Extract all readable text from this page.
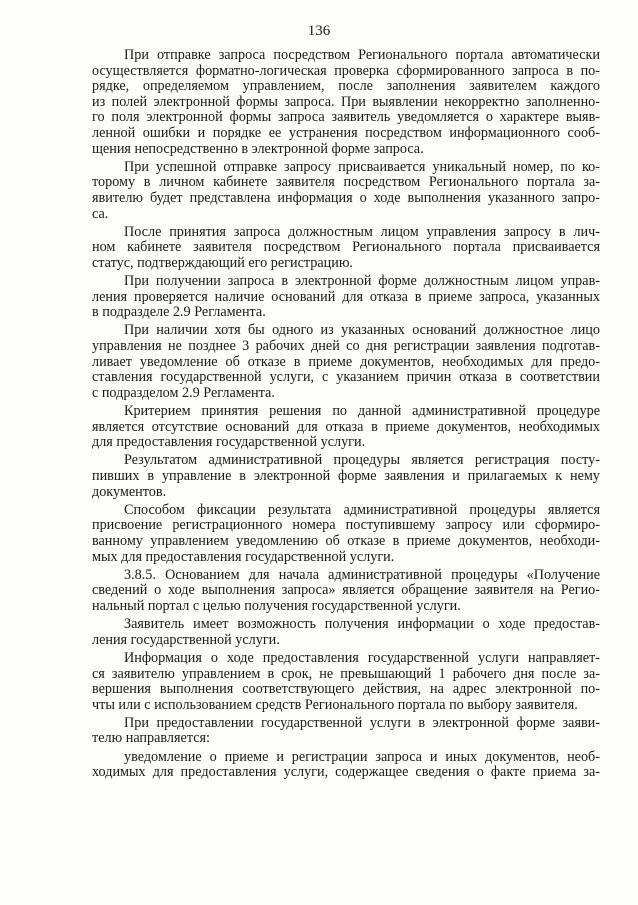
136
При отправке запроса посредством Регионального портала автоматически
осуществляется форматно-логическая проверка сформированного запроса в по-
рядке, определяемом управлением, после заполнения заявителем каждого
из полей электронной формы запроса. При выявлении некорректно заполненно-
го поля электронной формы запроса заявитель уведомляется о характере выяв-
ленной ошибки и порядке ее устранения посредством информационного сооб-
щения непосредственно в электронной форме запроса.
При успешной отправке запросу присваивается уникальный номер, по ко-
торому в личном кабинете заявителя посредством Регионального портала за-
явителю будет представлена информация о ходе выполнения указанного запро-
са.
После принятия запроса должностным лицом управления запросу в лич-
ном кабинете заявителя посредством Регионального портала присваивается
статус, подтверждающий его регистрацию.
При получении запроса в электронной форме должностным лицом управ-
ления проверяется наличие оснований для отказа в приеме запроса, указанных
в подразделе 2.9 Регламента.
При наличии хотя бы одного из указанных оснований должностное лицо
управления не позднее 3 рабочих дней со дня регистрации заявления подготав-
ливает уведомление об отказе в приеме документов, необходимых для предо-
ставления государственной услуги, с указанием причин отказа в соответствии
с подразделом 2.9 Регламента.
Критерием принятия решения по данной административной процедуре
является отсутствие оснований для отказа в приеме документов, необходимых
для предоставления государственной услуги.
Результатом административной процедуры является регистрация посту-
пивших в управление в электронной форме заявления и прилагаемых к нему
документов.
Способом фиксации результата административной процедуры является
присвоение регистрационного номера поступившему запросу или сформиро-
ванному управлением уведомлению об отказе в приеме документов, необходи-
мых для предоставления государственной услуги.
3.8.5. Основанием для начала административной процедуры «Получение
сведений о ходе выполнения запроса» является обращение заявителя на Регио-
нальный портал с целью получения государственной услуги.
Заявитель имеет возможность получения информации о ходе предостав-
ления государственной услуги.
Информация о ходе предоставления государственной услуги направляет-
ся заявителю управлением в срок, не превышающий 1 рабочего дня после за-
вершения выполнения соответствующего действия, на адрес электронной по-
чты или с использованием средств Регионального портала по выбору заявителя.
При предоставлении государственной услуги в электронной форме заяви-
телю направляется:
уведомление о приеме и регистрации запроса и иных документов, необ-
ходимых для предоставления услуги, содержащее сведения о факте приема за-
